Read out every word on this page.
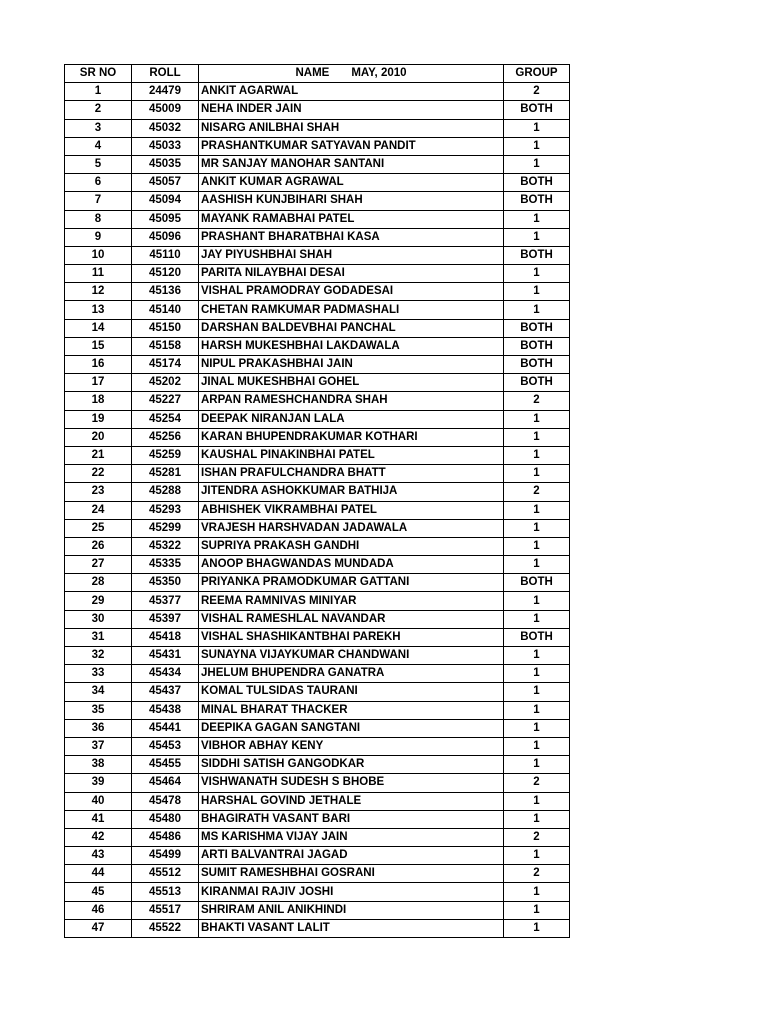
SR NO	ROLL	NAME MAY, 2010	GROUP
1	24479	ANKIT AGARWAL	2
2	45009	NEHA INDER JAIN	BOTH
3	45032	NISARG ANILBHAI SHAH	1
4	45033	PRASHANTKUMAR SATYAVAN PANDIT	1
5	45035	MR SANJAY MANOHAR SANTANI	1
6	45057	ANKIT KUMAR AGRAWAL	BOTH
7	45094	AASHISH KUNJBIHARI SHAH	BOTH
8	45095	MAYANK RAMABHAI PATEL	1
9	45096	PRASHANT BHARATBHAI KASA	1
10	45110	JAY PIYUSHBHAI SHAH	BOTH
11	45120	PARITA NILAYBHAI DESAI	1
12	45136	VISHAL PRAMODRAY GODADESAI	1
13	45140	CHETAN RAMKUMAR PADMASHALI	1
14	45150	DARSHAN BALDEVBHAI PANCHAL	BOTH
15	45158	HARSH MUKESHBHAI LAKDAWALA	BOTH
16	45174	NIPUL PRAKASHBHAI JAIN	BOTH
17	45202	JINAL MUKESHBHAI GOHEL	BOTH
18	45227	ARPAN RAMESHCHANDRA SHAH	2
19	45254	DEEPAK NIRANJAN LALA	1
20	45256	KARAN BHUPENDRAKUMAR KOTHARI	1
21	45259	KAUSHAL PINAKINBHAI PATEL	1
22	45281	ISHAN PRAFULCHANDRA BHATT	1
23	45288	JITENDRA ASHOKKUMAR BATHIJA	2
24	45293	ABHISHEK VIKRAMBHAI PATEL	1
25	45299	VRAJESH HARSHVADAN JADAWALA	1
26	45322	SUPRIYA PRAKASH GANDHI	1
27	45335	ANOOP BHAGWANDAS MUNDADA	1
28	45350	PRIYANKA PRAMODKUMAR GATTANI	BOTH
29	45377	REEMA RAMNIVAS MINIYAR	1
30	45397	VISHAL RAMESHLAL NAVANDAR	1
31	45418	VISHAL SHASHIKANTBHAI PAREKH	BOTH
32	45431	SUNAYNA VIJAYKUMAR CHANDWANI	1
33	45434	JHELUM BHUPENDRA GANATRA	1
34	45437	KOMAL TULSIDAS TAURANI	1
35	45438	MINAL BHARAT THACKER	1
36	45441	DEEPIKA GAGAN SANGTANI	1
37	45453	VIBHOR ABHAY KENY	1
38	45455	SIDDHI SATISH GANGODKAR	1
39	45464	VISHWANATH SUDESH S BHOBE	2
40	45478	HARSHAL GOVIND JETHALE	1
41	45480	BHAGIRATH VASANT BARI	1
42	45486	MS KARISHMA VIJAY JAIN	2
43	45499	ARTI BALVANTRAI JAGAD	1
44	45512	SUMIT RAMESHBHAI GOSRANI	2
45	45513	KIRANMAI RAJIV JOSHI	1
46	45517	SHRIRAM ANIL ANIKHINDI	1
47	45522	BHAKTI VASANT LALIT	1
